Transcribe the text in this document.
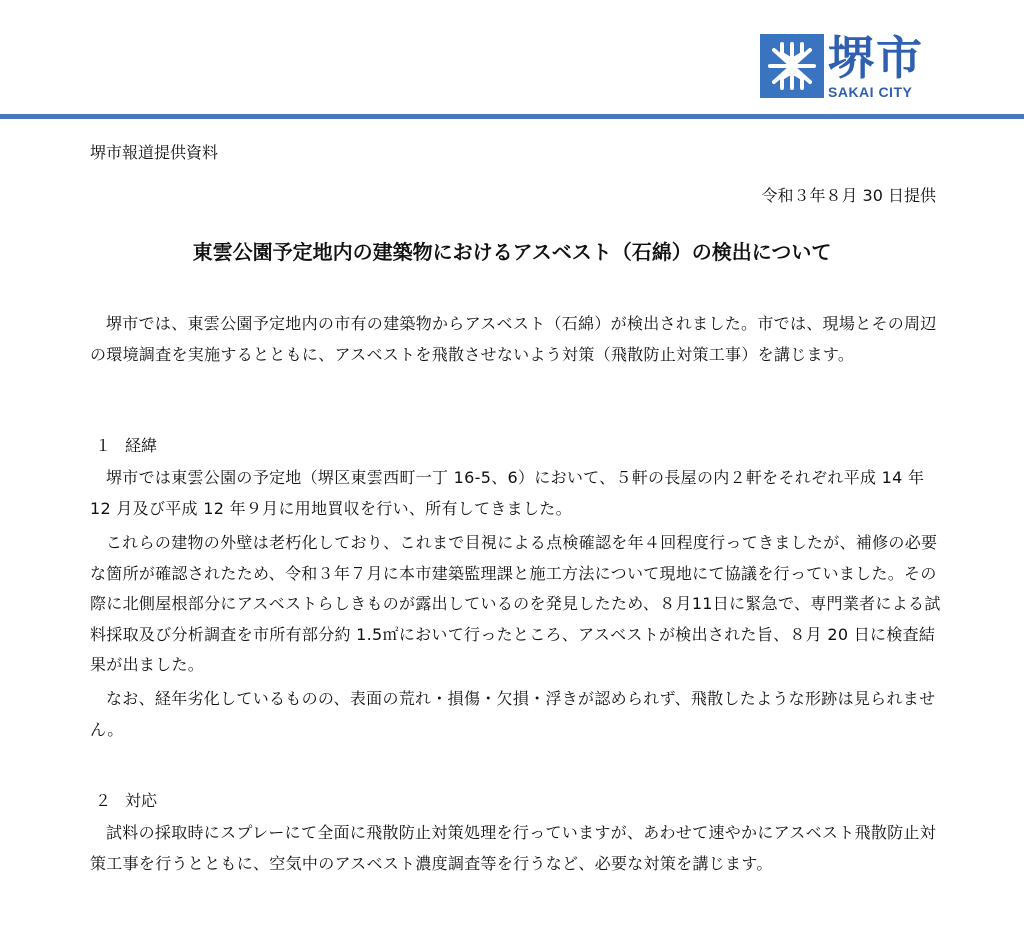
堺市
SAKAI CITY
堺市報道提供資料
令和３年８月 30 日提供
東雲公園予定地内の建築物におけるアスベスト（石綿）の検出について
堺市では、東雲公園予定地内の市有の建築物からアスベスト（石綿）が検出されました。市では、現場とその周辺の環境調査を実施するとともに、アスベストを飛散させないよう対策（飛散防止対策工事）を講じます。
１ 経緯
堺市では東雲公園の予定地（堺区東雲西町一丁 16-5、6）において、５軒の長屋の内２軒をそれぞれ平成 14 年 12 月及び平成 12 年９月に用地買収を行い、所有してきました。
これらの建物の外壁は老朽化しており、これまで目視による点検確認を年４回程度行ってきましたが、補修の必要な箇所が確認されたため、令和３年７月に本市建築監理課と施工方法について現地にて協議を行っていました。その際に北側屋根部分にアスベストらしきものが露出しているのを発見したため、８月11日に緊急で、専門業者による試料採取及び分析調査を市所有部分約 1.5㎡において行ったところ、アスベストが検出された旨、８月 20 日に検査結果が出ました。
なお、経年劣化しているものの、表面の荒れ・損傷・欠損・浮きが認められず、飛散したような形跡は見られません。
２ 対応
試料の採取時にスプレーにて全面に飛散防止対策処理を行っていますが、あわせて速やかにアスベスト飛散防止対策工事を行うとともに、空気中のアスベスト濃度調査等を行うなど、必要な対策を講じます。
